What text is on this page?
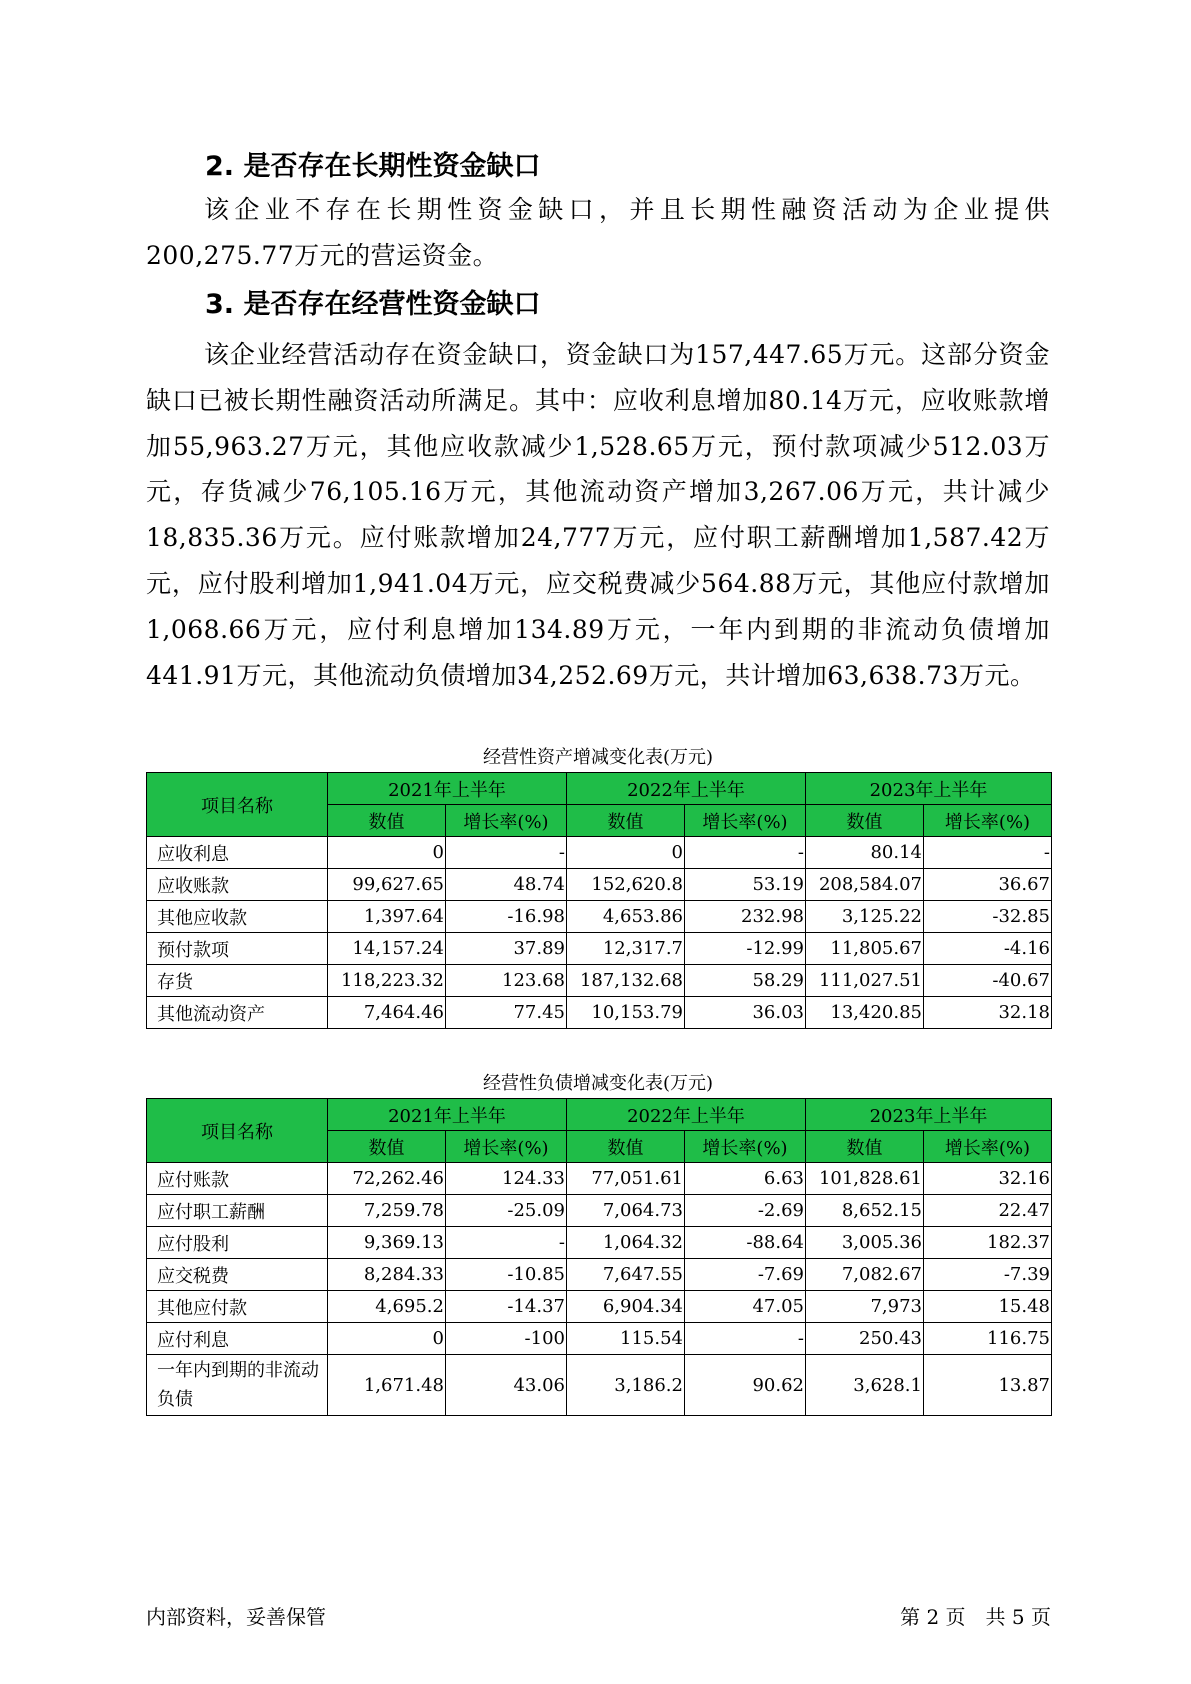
2. 是否存在长期性资金缺口

该企业不存在长期性资金缺口，并且长期性融资活动为企业提供200,275.77万元的营运资金。

3. 是否存在经营性资金缺口

该企业经营活动存在资金缺口，资金缺口为157,447.65万元。这部分资金缺口已被长期性融资活动所满足。其中：应收利息增加80.14万元，应收账款增加55,963.27万元，其他应收款减少1,528.65万元，预付款项减少512.03万元，存货减少76,105.16万元，其他流动资产增加3,267.06万元，共计减少18,835.36万元。应付账款增加24,777万元，应付职工薪酬增加1,587.42万元，应付股利增加1,941.04万元，应交税费减少564.88万元，其他应付款增加1,068.66万元，应付利息增加134.89万元，一年内到期的非流动负债增加441.91万元，其他流动负债增加34,252.69万元，共计增加63,638.73万元。

经营性资产增减变化表(万元)

项目名称	2021年上半年		2022年上半年		2023年上半年	
	数值	增长率(%)	数值	增长率(%)	数值	增长率(%)
应收利息	0	-	0	-	80.14	-
应收账款	99,627.65	48.74	152,620.8	53.19	208,584.07	36.67
其他应收款	1,397.64	-16.98	4,653.86	232.98	3,125.22	-32.85
预付款项	14,157.24	37.89	12,317.7	-12.99	11,805.67	-4.16
存货	118,223.32	123.68	187,132.68	58.29	111,027.51	-40.67
其他流动资产	7,464.46	77.45	10,153.79	36.03	13,420.85	32.18

经营性负债增减变化表(万元)

项目名称	2021年上半年		2022年上半年		2023年上半年	
	数值	增长率(%)	数值	增长率(%)	数值	增长率(%)
应付账款	72,262.46	124.33	77,051.61	6.63	101,828.61	32.16
应付职工薪酬	7,259.78	-25.09	7,064.73	-2.69	8,652.15	22.47
应付股利	9,369.13	-	1,064.32	-88.64	3,005.36	182.37
应交税费	8,284.33	-10.85	7,647.55	-7.69	7,082.67	-7.39
其他应付款	4,695.2	-14.37	6,904.34	47.05	7,973	15.48
应付利息	0	-100	115.54	-	250.43	116.75
一年内到期的非流动负债	1,671.48	43.06	3,186.2	90.62	3,628.1	13.87

内部资料，妥善保管	第 2 页　共 5 页
